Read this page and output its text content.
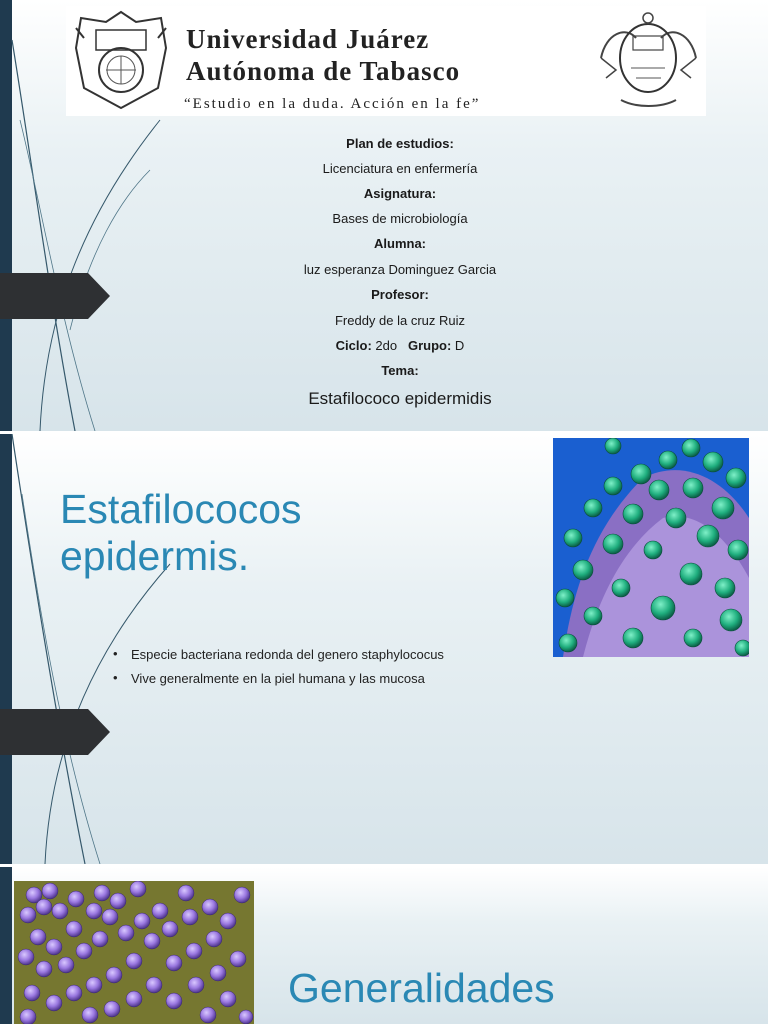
Universidad Juárez
Autónoma de Tabasco
“Estudio en la duda. Acción en la fe”
Plan de estudios:
Licenciatura en enfermería
Asignatura:
Bases de microbiología
Alumna:
luz esperanza Dominguez Garcia
Profesor:
Freddy de la cruz Ruiz
Ciclo: 2do Grupo: D
Tema:
Estafilococo epidermidis
Estafilococos
epidermis.
• Especie bacteriana redonda del genero staphylococus
• Vive generalmente en la piel humana y las mucosa
Generalidades
